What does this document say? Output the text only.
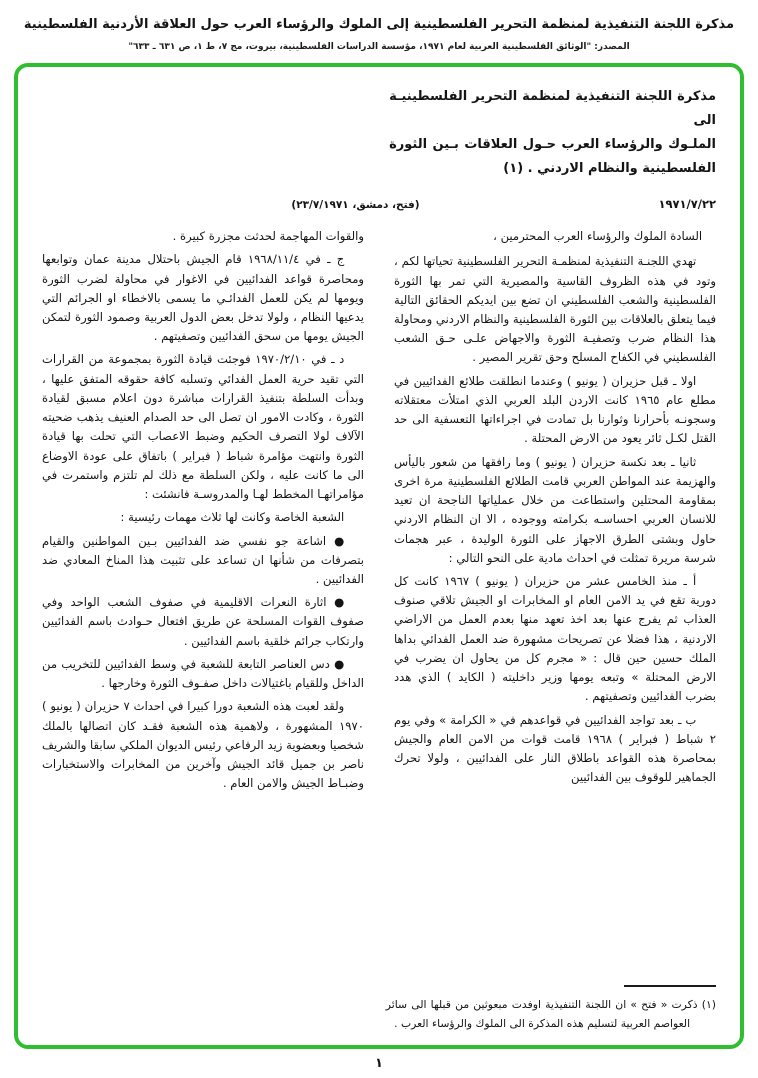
مذكرة اللجنة التنفيذية لمنظمة التحرير الفلسطينية إلى الملوك والرؤساء العرب حول العلاقة الأردنية الفلسطينية
المصدر: "الوثائق الفلسطينية العربية لعام ١٩٧١، مؤسسة الدراسات الفلسطينية، بيروت، مج ٧، ط ١، ص ٦٣١ ـ ٦٣٣"

مذكرة اللجنة التنفيذية لمنظمة التحرير الفلسطينيـة الى

الملـوك والرؤساء العرب حـول العلاقات بـين الثورة

الفلسطينية والنظام الاردني . (١)

١٩٧١/٧/٢٢
(فتح، دمشق، ٢٣/٧/١٩٧١)

السادة الملوك والرؤساء العرب المحترمين ،

تهدي اللجنـة التنفيذية لمنظمـة التحرير الفلسطينية تحياتها لكم ، وتود في هذه الظروف القاسية والمصيرية التي تمر بها الثورة الفلسطينية والشعب الفلسطيني ان تضع بين ايديكم الحقائق التالية فيما يتعلق بالعلاقات بين الثورة الفلسطينية والنظام الاردني ومحاولة هذا النظام ضرب وتصفيـة الثورة والاجهاض علـى حـق الشعب الفلسطيني في الكفاح المسلح وحق تقرير المصير .

اولا ـ قبل حزيران ( يونيو ) وعندما انطلقت طلائع الفدائيين في مطلع عام ١٩٦٥ كانت الاردن البلد العربي الذي امتلأت معتقلاته وسجونـه بأحرارنا وثوارنا بل تمادت في اجراءاتها التعسفية الى حد القتل لكـل ثائر يعود من الارض المحتلة .

ثانيا ـ بعد نكسة حزيران ( يونيو ) وما رافقها من شعور باليأس والهزيمة عند المواطن العربي قامت الطلائع الفلسطينية مرة اخرى بمقاومة المحتلين واستطاعت من خلال عملياتها الناجحة ان تعيد للانسان العربي احساسـه بكرامته ووجوده ، الا ان النظام الاردني حاول وبشتى الطرق الاجهاز على الثورة الوليدة ، عبر هجمات شرسة مريرة تمثلت في احداث مادية على النحو التالي :

أ ـ منذ الخامس عشر من حزيران ( يونيو ) ١٩٦٧ كانت كل دورية تقع في يد الامن العام او المخابرات او الجيش تلاقي صنوف العذاب ثم يفرج عنها بعد اخذ تعهد منها بعدم العمل من الاراضي الاردنية ، هذا فضلا عن تصريحات مشهورة ضد العمل الفدائي بداها الملك حسين حين قال : « مجرم كل من يحاول ان يضرب في الارض المحتلة » وتبعه يومها وزير داخليته ( الكايد ) الذي هدد بضرب الفدائيين وتصفيتهم .

ب ـ بعد تواجد الفدائيين في قواعدهم في « الكرامة » وفي يوم ٢ شباط ( فبراير ) ١٩٦٨ قامت قوات من الامن العام والجيش بمحاصرة هذه القواعد باطلاق النار على الفدائيين ، ولولا تحرك الجماهير للوقوف بين الفدائيين

والقوات المهاجمة لحدثت مجزرة كبيرة .

ج ـ في ١٩٦٨/١١/٤ قام الجيش باحتلال مدينة عمان وتوابعها ومحاصرة قواعد الفدائيين في الاغوار في محاولة لضرب الثورة ويومها لم يكن للعمل الفدائـي ما يسمى بالاخطاء او الجرائم التي يدعيها النظام ، ولولا تدخل بعض الدول العربية وصمود الثورة لتمكن الجيش يومها من سحق الفدائيين وتصفيتهم .

د ـ في ١٩٧٠/٢/١٠ فوجئت قيادة الثورة بمجموعة من القرارات التي تقيد حرية العمل الفدائي وتسلبه كافة حقوقه المتفق عليها ، وبدأت السلطة بتنفيذ القرارات مباشرة دون اعلام مسبق لقيادة الثورة ، وكادت الامور ان تصل الى حد الصدام العنيف يذهب ضحيته الآلاف لولا التصرف الحكيم وضبط الاعصاب التي تحلت بها قيادة الثورة وانتهت مؤامرة شباط ( فبراير ) باتفاق على عودة الاوضاع الى ما كانت عليه ، ولكن السلطة مع ذلك لم تلتزم واستمرت في مؤامراتهـا المخطط لهـا والمدروسـة فانشئت :

الشعبة الخاصة وكانت لها ثلاث مهمات رئيسية :

● اشاعة جو نفسي ضد الفدائيين بـين المواطنين والقيام بتصرفات من شأنها ان تساعد على تثبيت هذا المناخ المعادي ضد الفدائيين .

● اثارة النعرات الاقليمية في صفوف الشعب الواحد وفي صفوف القوات المسلحة عن طريق افتعال حـوادث باسم الفدائيين وارتكاب جرائم خلقية باسم الفدائيين .

● دس العناصر التابعة للشعبة في وسط الفدائيين للتخريب من الداخل وللقيام باغتيالات داخل صفـوف الثورة وخارجها .

ولقد لعبت هذه الشعبة دورا كبيرا في احداث ٧ حزيران ( يونيو ) ١٩٧٠ المشهورة ، ولاهمية هذه الشعبة فقـد كان اتصالها بالملك شخصيا وبعضوية زيد الرفاعي رئيس الديوان الملكي سابقا والشريف ناصر بن جميل قائد الجيش وآخرين من المخابرات والاستخبارات وضبـاط الجيش والامن العام .

(١) ذكرت « فتح » ان اللجنة التنفيذية اوفدت مبعوثين من قبلها الى سائر العواصم العربية لتسليم هذه المذكرة الى الملوك والرؤساء العرب .

١
